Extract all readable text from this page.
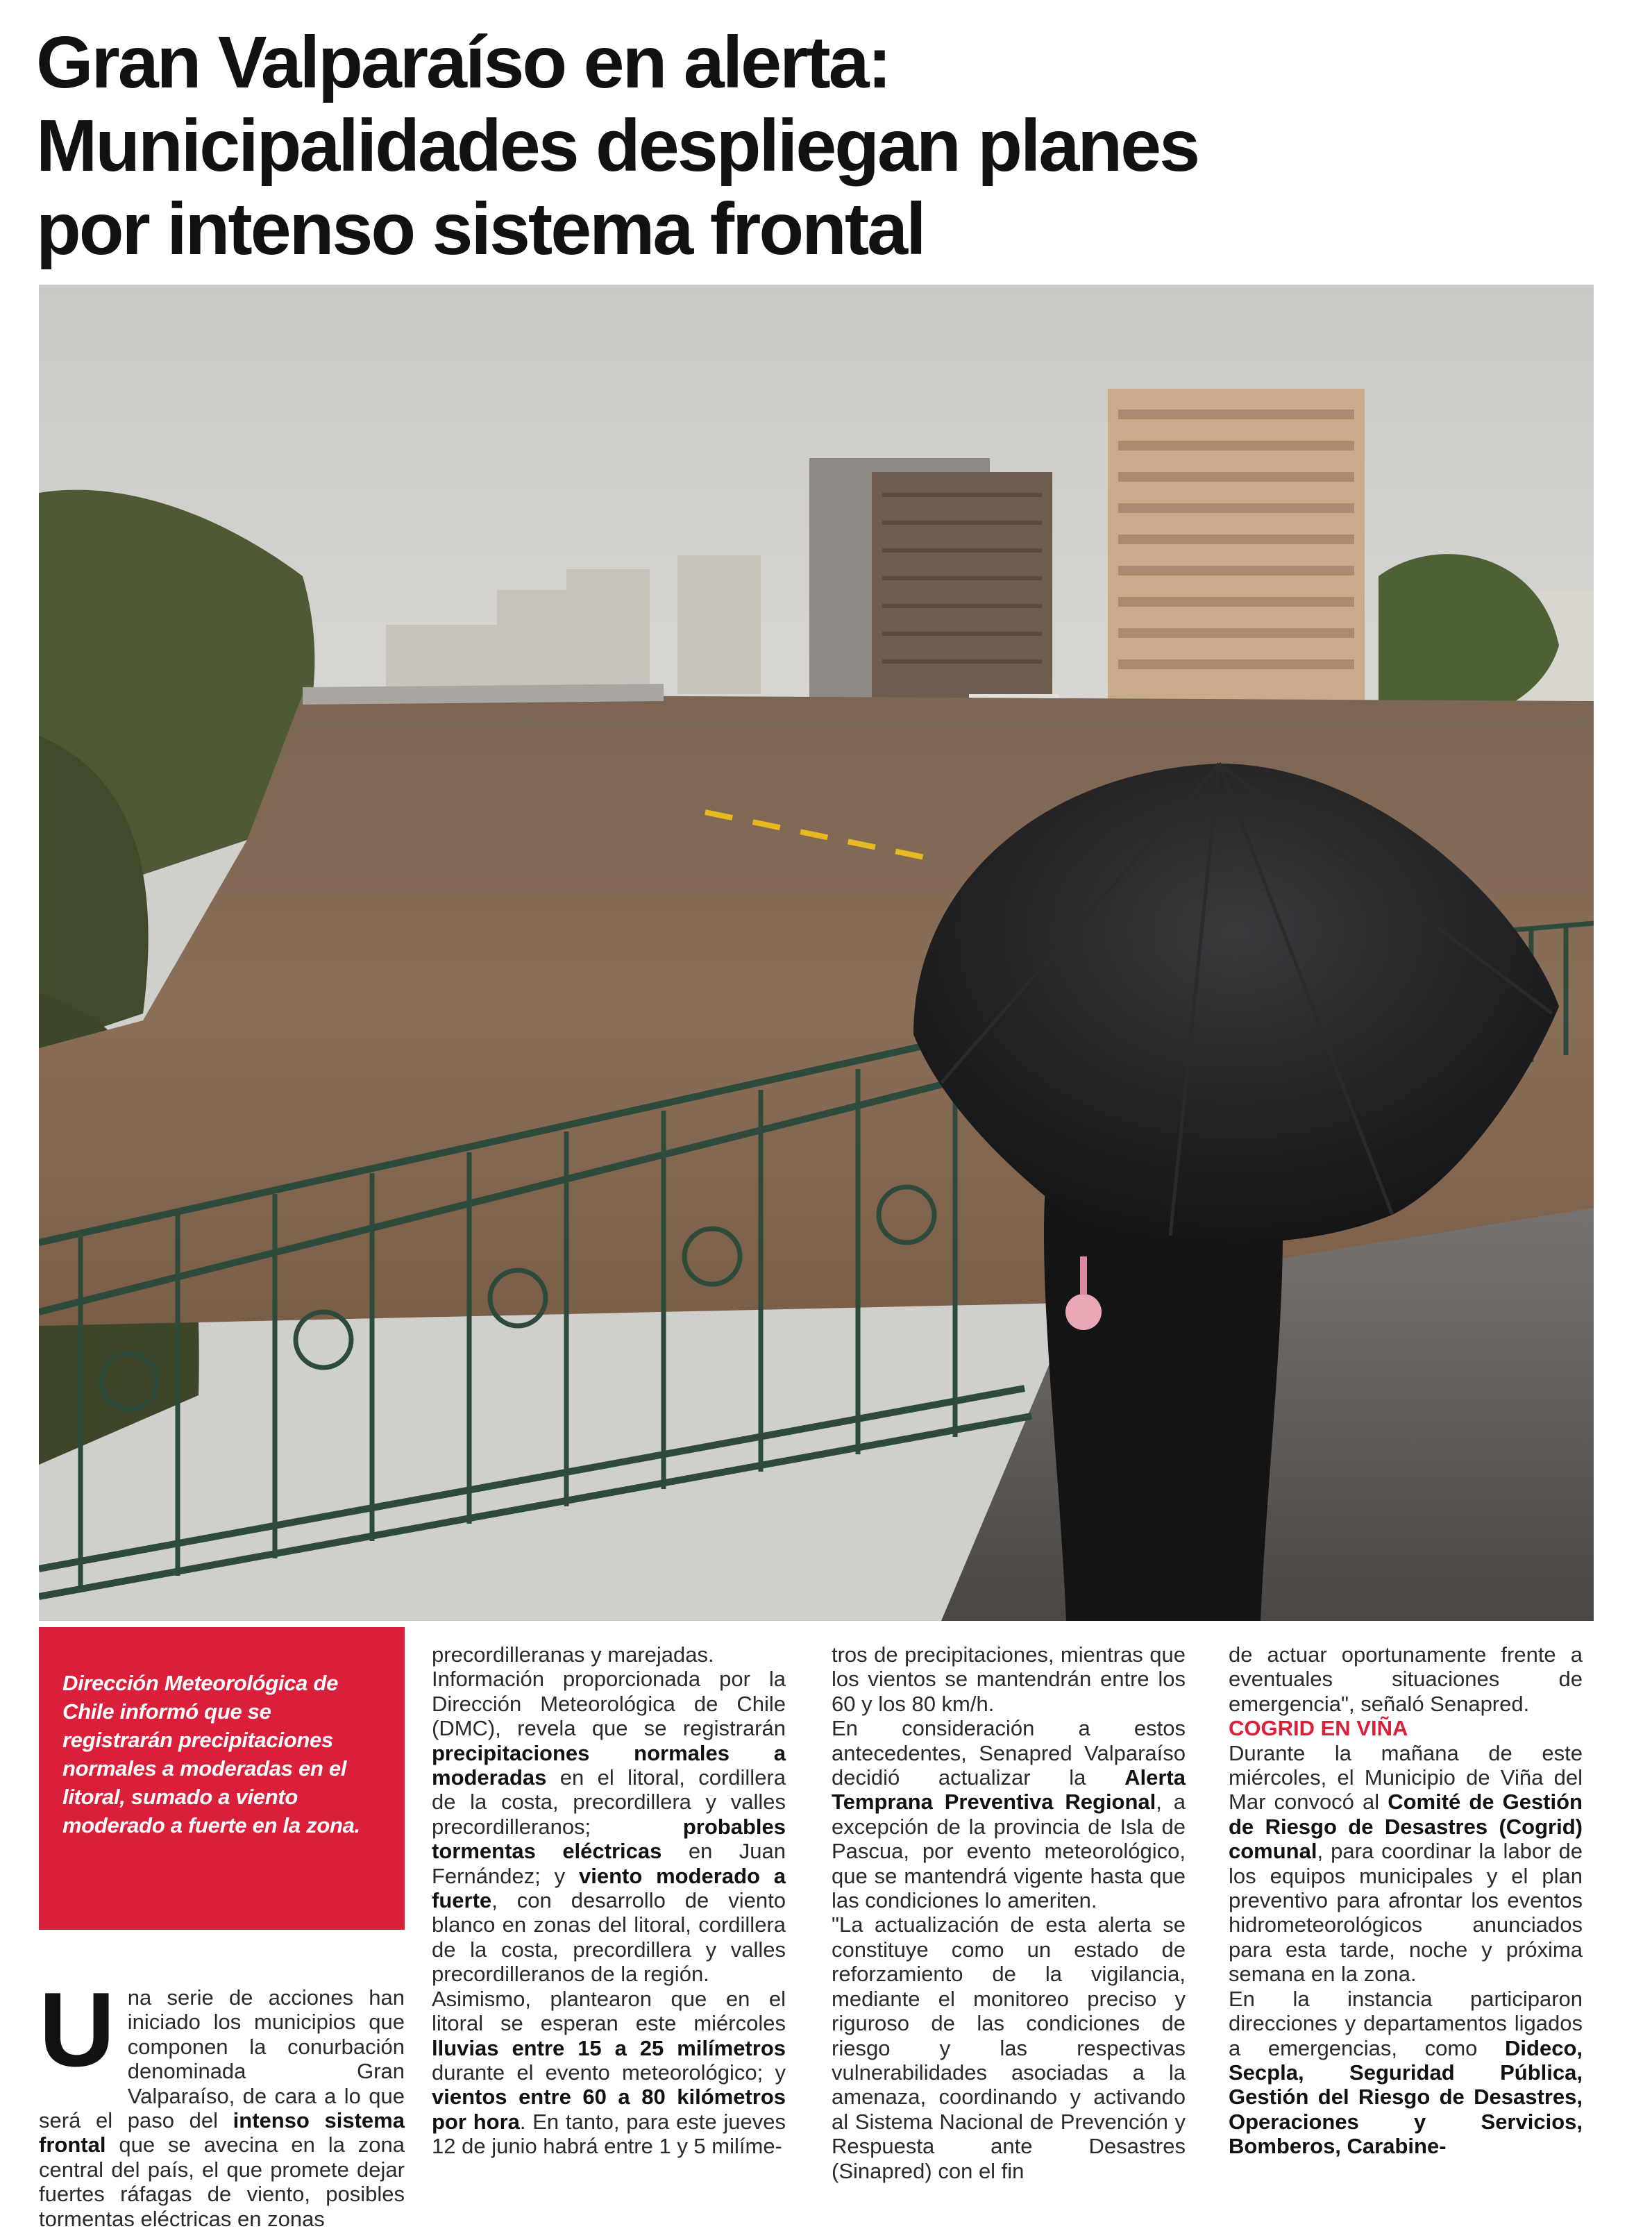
Gran Valparaíso en alerta:
Municipalidades despliegan planes
por intenso sistema frontal

Dirección Meteorológica de Chile informó que se registrarán precipitaciones normales a moderadas en el litoral, sumado a viento moderado a fuerte en la zona.

U na serie de acciones han iniciado los municipios que componen la conurbación denominada Gran Valparaíso, de cara a lo que será el paso del intenso sistema frontal que se avecina en la zona central del país, el que promete dejar fuertes ráfagas de viento, posibles tormentas eléctricas en zonas

precordilleranas y marejadas.

Información proporcionada por la Dirección Meteorológica de Chile (DMC), revela que se registrarán precipitaciones normales a moderadas en el litoral, cordillera de la costa, precordillera y valles precordilleranos; probables tormentas eléctricas en Juan Fernández; y viento moderado a fuerte, con desarrollo de viento blanco en zonas del litoral, cordillera de la costa, precordillera y valles precordilleranos de la región.

Asimismo, plantearon que en el litoral se esperan este miércoles lluvias entre 15 a 25 milímetros durante el evento meteorológico; y vientos entre 60 a 80 kilómetros por hora. En tanto, para este jueves 12 de junio habrá entre 1 y 5 milíme-

tros de precipitaciones, mientras que los vientos se mantendrán entre los 60 y los 80 km/h.

En consideración a estos antecedentes, Senapred Valparaíso decidió actualizar la Alerta Temprana Preventiva Regional, a excepción de la provincia de Isla de Pascua, por evento meteorológico, que se mantendrá vigente hasta que las condiciones lo ameriten.

"La actualización de esta alerta se constituye como un estado de reforzamiento de la vigilancia, mediante el monitoreo preciso y riguroso de las condiciones de riesgo y las respectivas vulnerabilidades asociadas a la amenaza, coordinando y activando al Sistema Nacional de Prevención y Respuesta ante Desastres (Sinapred) con el fin

de actuar oportunamente frente a eventuales situaciones de emergencia", señaló Senapred.

COGRID EN VIÑA

Durante la mañana de este miércoles, el Municipio de Viña del Mar convocó al Comité de Gestión de Riesgo de Desastres (Cogrid) comunal, para coordinar la labor de los equipos municipales y el plan preventivo para afrontar los eventos hidrometeorológicos anunciados para esta tarde, noche y próxima semana en la zona.

En la instancia participaron direcciones y departamentos ligados a emergencias, como Dideco, Secpla, Seguridad Pública, Gestión del Riesgo de Desastres, Operaciones y Servicios, Bomberos, Carabine-
